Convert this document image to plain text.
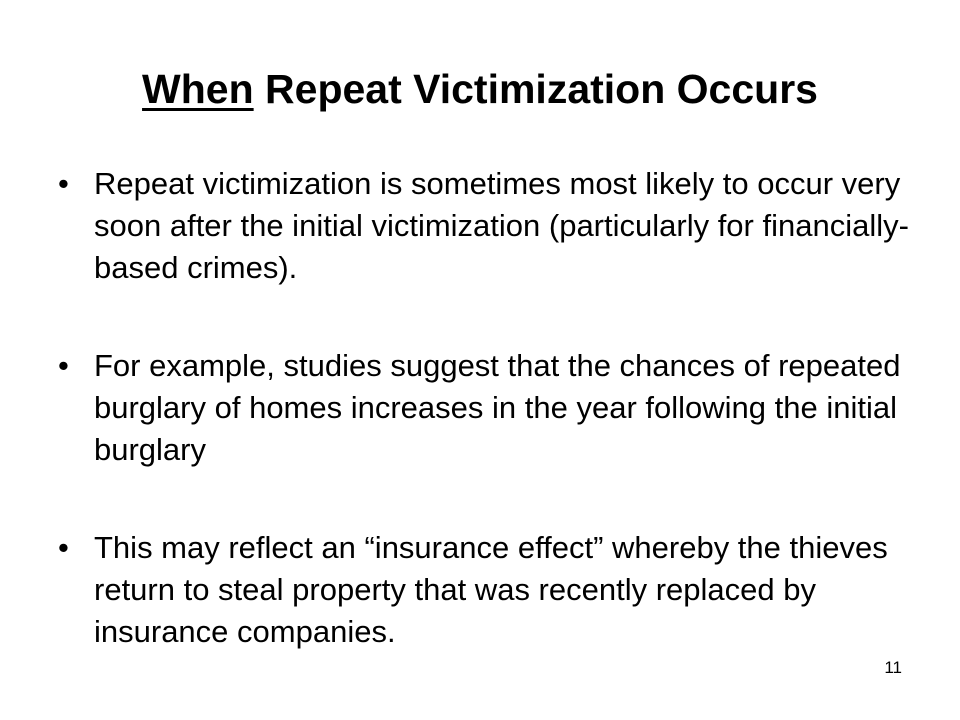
When Repeat Victimization Occurs
• Repeat victimization is sometimes most likely to occur very soon after the initial victimization (particularly for financially-based crimes).
• For example, studies suggest that the chances of repeated burglary of homes increases in the year following the initial burglary
• This may reflect an “insurance effect” whereby the thieves return to steal property that was recently replaced by insurance companies.
11
